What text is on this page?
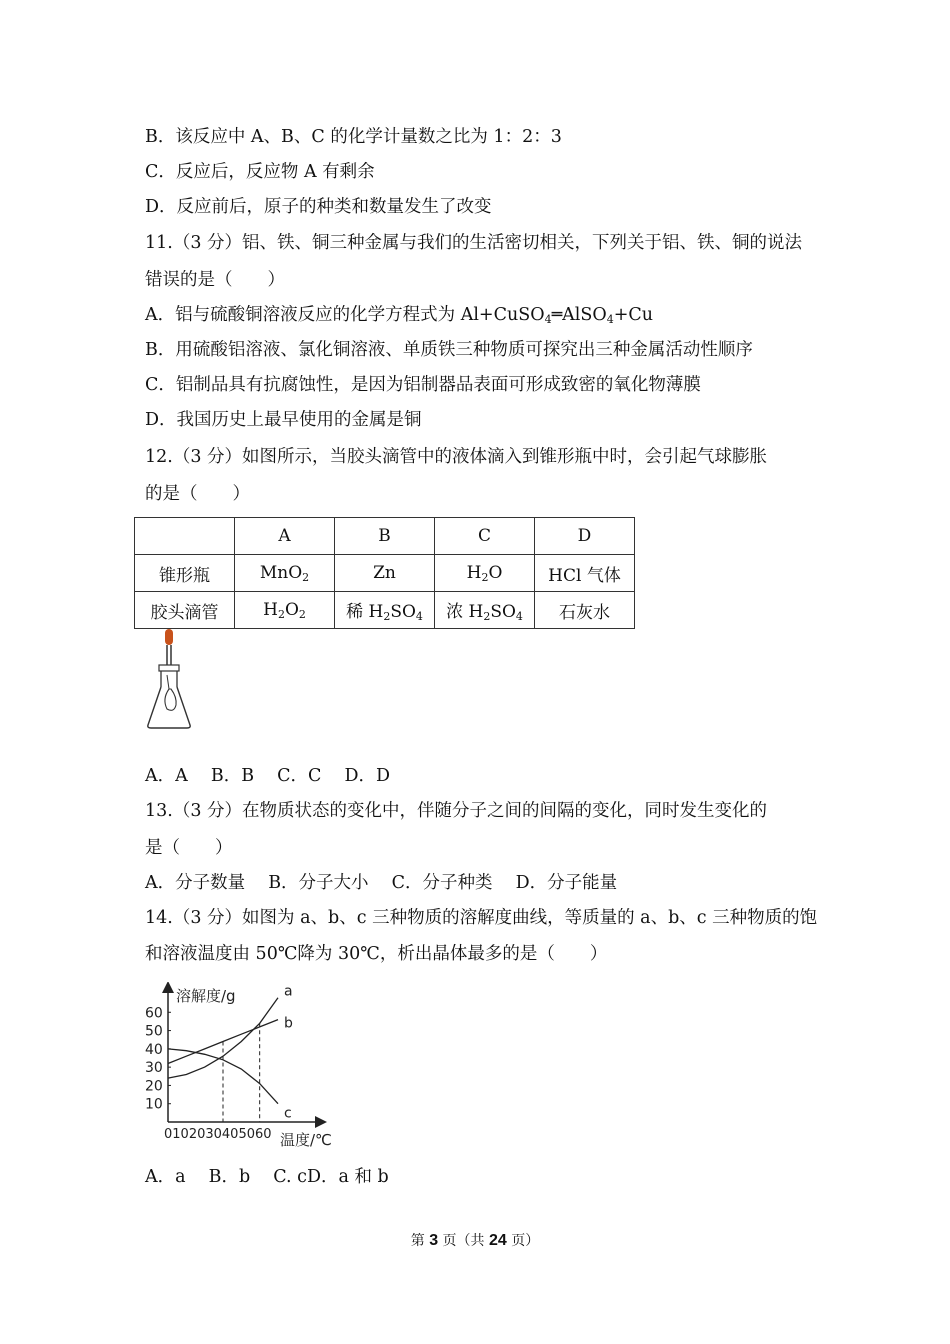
B．该反应中 A、B、C 的化学计量数之比为 1：2：3
C．反应后，反应物 A 有剩余
D．反应前后，原子的种类和数量发生了改变
11.（3 分）铝、铁、铜三种金属与我们的生活密切相关，下列关于铝、铁、铜的说法
错误的是（　　）
A．铝与硫酸铜溶液反应的化学方程式为 Al+CuSO$_4$═AlSO$_4$+Cu
B．用硫酸铝溶液、氯化铜溶液、单质铁三种物质可探究出三种金属活动性顺序
C．铝制品具有抗腐蚀性，是因为铝制器品表面可形成致密的氧化物薄膜
D．我国历史上最早使用的金属是铜
12.（3 分）如图所示，当胶头滴管中的液体滴入到锥形瓶中时，会引起气球膨胀
的是（　　）
	A	B	C	D
锥形瓶	MnO$_2$	Zn	$H_2O$	HCl 气体
胶头滴管	$H_2O_2$	稀 $H_2SO_4$	浓 $H_2SO_4$	石灰水
A．A　 B．B　 C．C　 D．D
13.（3 分）在物质状态的变化中，伴随分子之间的间隔的变化，同时发生变化的
是（　　）
A．分子数量　 B．分子大小　 C．分子种类　 D．分子能量
14.（3 分）如图为 a、b、c 三种物质的溶解度曲线，等质量的 a、b、c 三种物质的饱
和溶液温度由 50℃降为 30℃，析出晶体最多的是（　　）
溶解度/g
温度/℃
0102030405060
10
20
30
40
50
60
a
b
c
A．a　 B．b　 C. cD．a 和 b
第 3 页（共 24 页）
